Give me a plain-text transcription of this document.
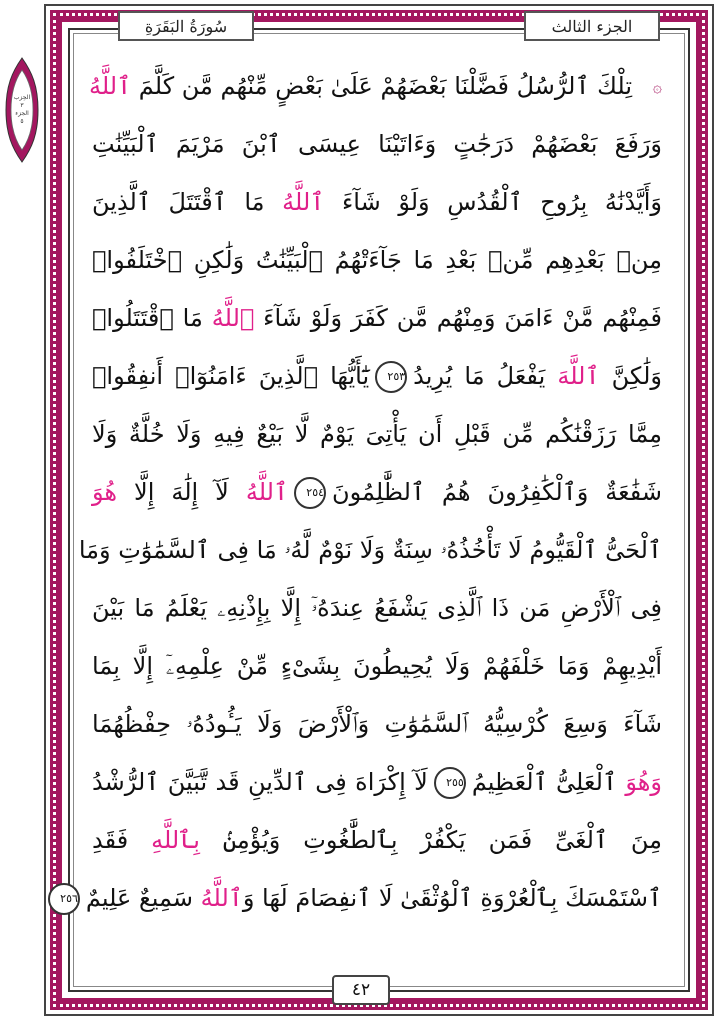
الحِزب ٣
الجزء ٥
سُورَةُ البَقَرَةِ	الجزء الثالث
۞تِلْكَ ٱلرُّسُلُ فَضَّلْنَا بَعْضَهُمْ عَلَىٰ بَعْضٍ مِّنْهُم مَّن كَلَّمَ ٱللَّهُ
وَرَفَعَ بَعْضَهُمْ دَرَجَٰتٍ وَءَاتَيْنَا عِيسَى ٱبْنَ مَرْيَمَ ٱلْبَيِّنَٰتِ
وَأَيَّدْنَٰهُ بِرُوحِ ٱلْقُدُسِ وَلَوْ شَآءَ ٱللَّهُ مَا ٱقْتَتَلَ ٱلَّذِينَ
مِنۢ بَعْدِهِم مِّنۢ بَعْدِ مَا جَآءَتْهُمُ ٱلْبَيِّنَٰتُ وَلَٰكِنِ ٱخْتَلَفُوا۟
فَمِنْهُم مَّنْ ءَامَنَ وَمِنْهُم مَّن كَفَرَ وَلَوْ شَآءَ ٱللَّهُ مَا ٱقْتَتَلُوا۟
وَلَٰكِنَّ ٱللَّهَ يَفْعَلُ مَا يُرِيدُ٢٥٣يَٰٓأَيُّهَا ٱلَّذِينَ ءَامَنُوٓا۟ أَنفِقُوا۟
مِمَّا رَزَقْنَٰكُم مِّن قَبْلِ أَن يَأْتِىَ يَوْمٌ لَّا بَيْعٌ فِيهِ وَلَا خُلَّةٌ وَلَا
شَفَٰعَةٌ وَٱلْكَٰفِرُونَ هُمُ ٱلظَّٰلِمُونَ٢٥٤ٱللَّهُ لَآ إِلَٰهَ إِلَّا هُوَ
ٱلْحَىُّ ٱلْقَيُّومُ لَا تَأْخُذُهُۥ سِنَةٌ وَلَا نَوْمٌ لَّهُۥ مَا فِى ٱلسَّمَٰوَٰتِ وَمَا
فِى ٱلْأَرْضِ مَن ذَا ٱلَّذِى يَشْفَعُ عِندَهُۥٓ إِلَّا بِإِذْنِهِۦ يَعْلَمُ مَا بَيْنَ
أَيْدِيهِمْ وَمَا خَلْفَهُمْ وَلَا يُحِيطُونَ بِشَىْءٍ مِّنْ عِلْمِهِۦٓ إِلَّا بِمَا
شَآءَ وَسِعَ كُرْسِيُّهُ ٱلسَّمَٰوَٰتِ وَٱلْأَرْضَ وَلَا يَـُٔودُهُۥ حِفْظُهُمَا
وَهُوَ ٱلْعَلِىُّ ٱلْعَظِيمُ٢٥٥لَآ إِكْرَاهَ فِى ٱلدِّينِ قَد تَّبَيَّنَ ٱلرُّشْدُ
مِنَ ٱلْغَىِّ فَمَن يَكْفُرْ بِٱلطَّٰغُوتِ وَيُؤْمِنۢ بِٱللَّهِ فَقَدِ
ٱسْتَمْسَكَ بِٱلْعُرْوَةِ ٱلْوُثْقَىٰ لَا ٱنفِصَامَ لَهَا وَٱللَّهُ سَمِيعٌ عَلِيمٌ٢٥٦
٤٢
